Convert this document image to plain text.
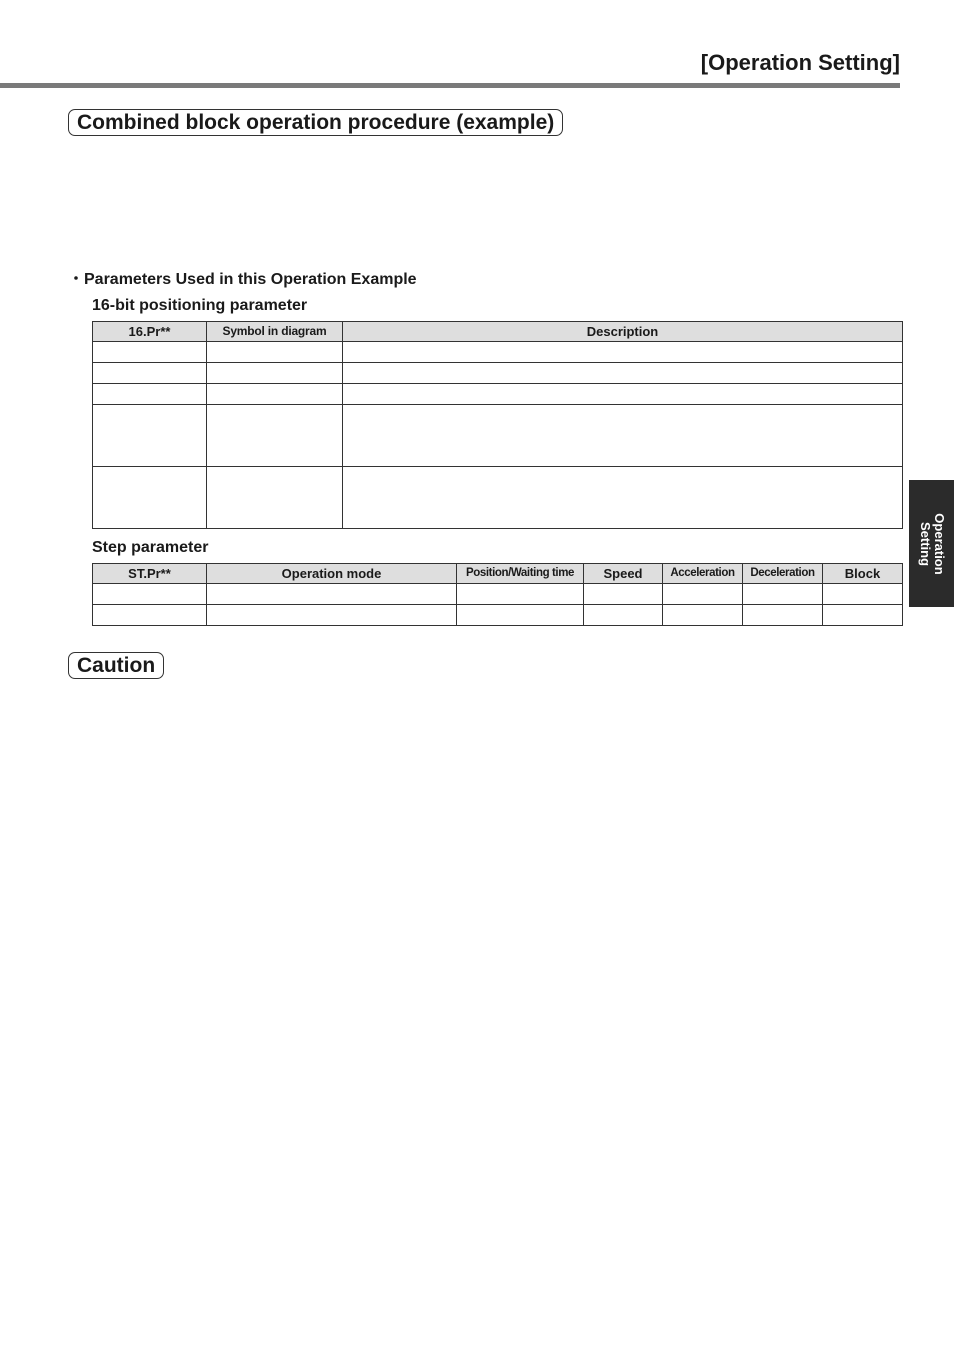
[Operation Setting]
Combined block operation procedure (example)
・Parameters Used in this Operation Example
16-bit positioning parameter
16.Pr**	Symbol in diagram	Description

Step parameter
ST.Pr**	Operation mode	Position/Waiting time	Speed	Acceleration	Deceleration	Block

Caution
Operation
Setting
